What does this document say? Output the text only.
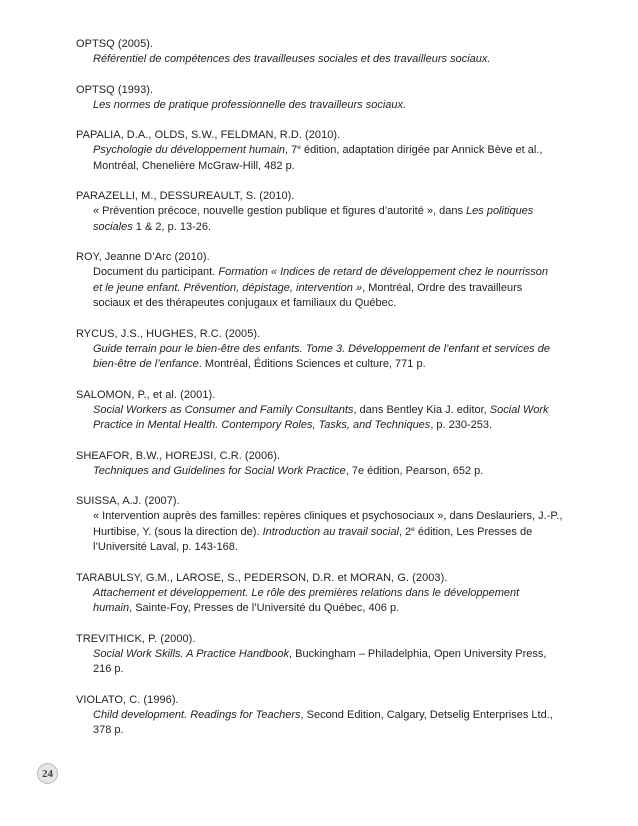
OPTSQ (2005).
Référentiel de compétences des travailleuses sociales et des travailleurs sociaux.
OPTSQ (1993).
Les normes de pratique professionnelle des travailleurs sociaux.
PAPALIA, D.A., OLDS, S.W., FELDMAN, R.D. (2010).
Psychologie du développement humain, 7e édition, adaptation dirigée par Annick Bève et al.,
Montréal, Chenelière McGraw-Hill, 482 p.
PARAZELLI, M., DESSUREAULT, S. (2010).
« Prévention précoce, nouvelle gestion publique et figures d’autorité », dans Les politiques
sociales 1 & 2, p. 13-26.
ROY, Jeanne D’Arc (2010).
Document du participant. Formation « Indices de retard de développement chez le nourrisson
et le jeune enfant. Prévention, dépistage, intervention », Montréal, Ordre des travailleurs
sociaux et des thérapeutes conjugaux et familiaux du Québec.
RYCUS, J.S., HUGHES, R.C. (2005).
Guide terrain pour le bien-être des enfants. Tome 3. Développement de l’enfant et services de
bien-être de l’enfance. Montréal, Éditions Sciences et culture, 771 p.
SALOMON, P., et al. (2001).
Social Workers as Consumer and Family Consultants, dans Bentley Kia J. editor, Social Work
Practice in Mental Health. Contempory Roles, Tasks, and Techniques, p. 230-253.
SHEAFOR, B.W., HOREJSI, C.R. (2006).
Techniques and Guidelines for Social Work Practice, 7e édition, Pearson, 652 p.
SUISSA, A.J. (2007).
« Intervention auprès des familles: repères cliniques et psychosociaux », dans Deslauriers, J.-P.,
Hurtibise, Y. (sous la direction de). Introduction au travail social, 2e édition, Les Presses de
l’Université Laval, p. 143-168.
TARABULSY, G.M., LAROSE, S., PEDERSON, D.R. et MORAN, G. (2003).
Attachement et développement. Le rôle des premières relations dans le développement
humain, Sainte-Foy, Presses de l’Université du Québec, 406 p.
TREVITHICK, P. (2000).
Social Work Skills. A Practice Handbook, Buckingham – Philadelphia, Open University Press,
216 p.
VIOLATO, C. (1996).
Child development. Readings for Teachers, Second Edition, Calgary, Detselig Enterprises Ltd.,
378 p.
24
